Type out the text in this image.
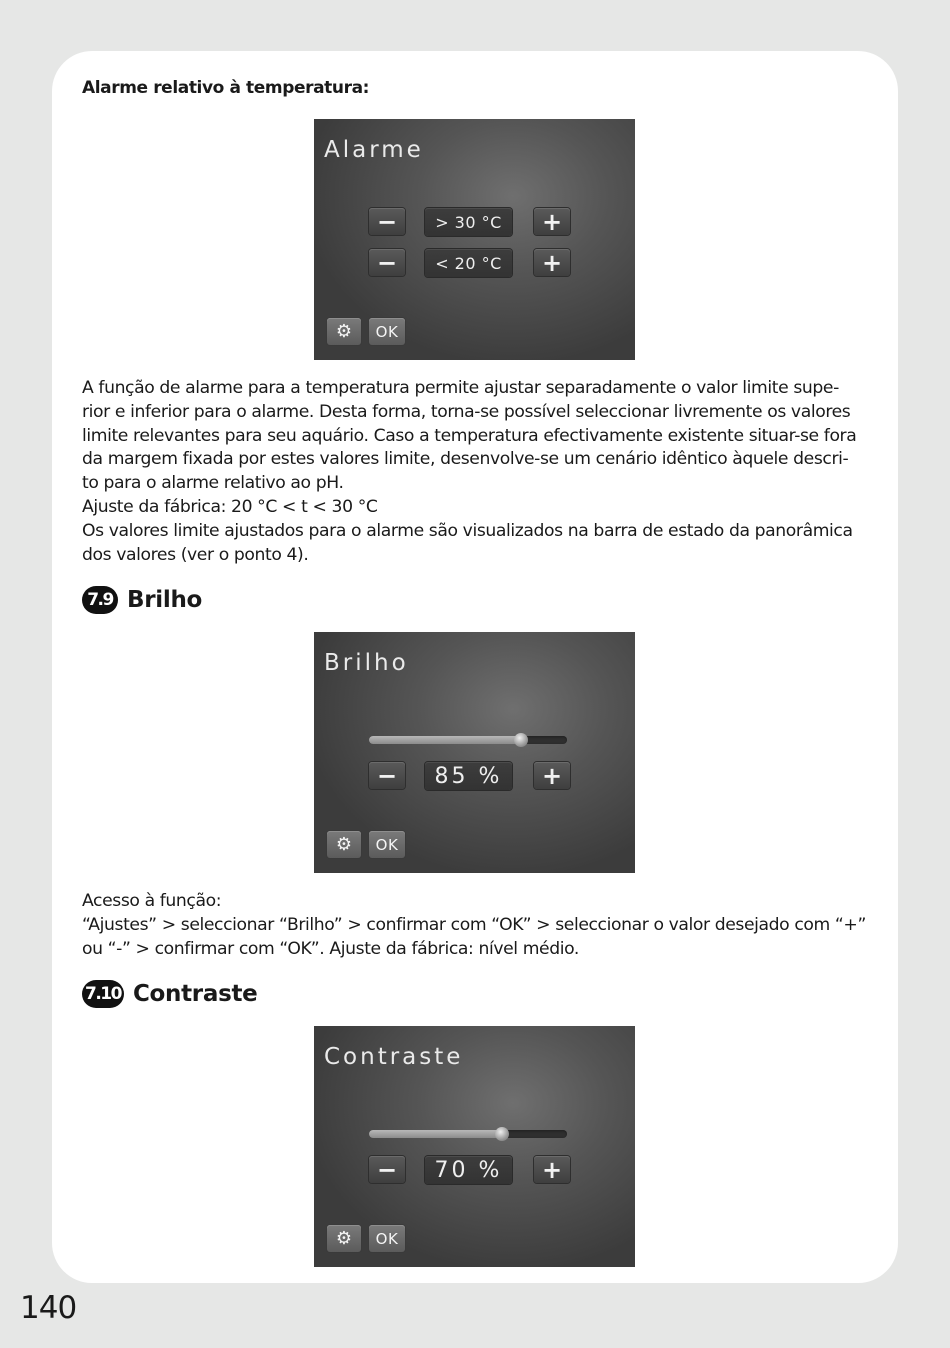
Alarme relativo à temperatura:
Alarme
−	> 30 °C	+
−	< 20 °C	+
⚙	OK

A função de alarme para a temperatura permite ajustar separadamente o valor limite supe-

rior e inferior para o alarme. Desta forma, torna-se possível seleccionar livremente os valores

limite relevantes para seu aquário. Caso a temperatura efectivamente existente situar-se fora

da margem fixada por estes valores limite, desenvolve-se um cenário idêntico àquele descri-

to para o alarme relativo ao pH.

Ajuste da fábrica: 20 °C < t < 30 °C

Os valores limite ajustados para o alarme são visualizados na barra de estado da panorâmica

dos valores (ver o ponto 4).

7.9 Brilho
Brilho
−	85 %	+
⚙	OK

Acesso à função:

“Ajustes” > seleccionar “Brilho” > confirmar com “OK” > seleccionar o valor desejado com “+”

ou “-” > confirmar com “OK”. Ajuste da fábrica: nível médio.

7.10 Contraste
Contraste
−	70 %	+
⚙	OK
140
